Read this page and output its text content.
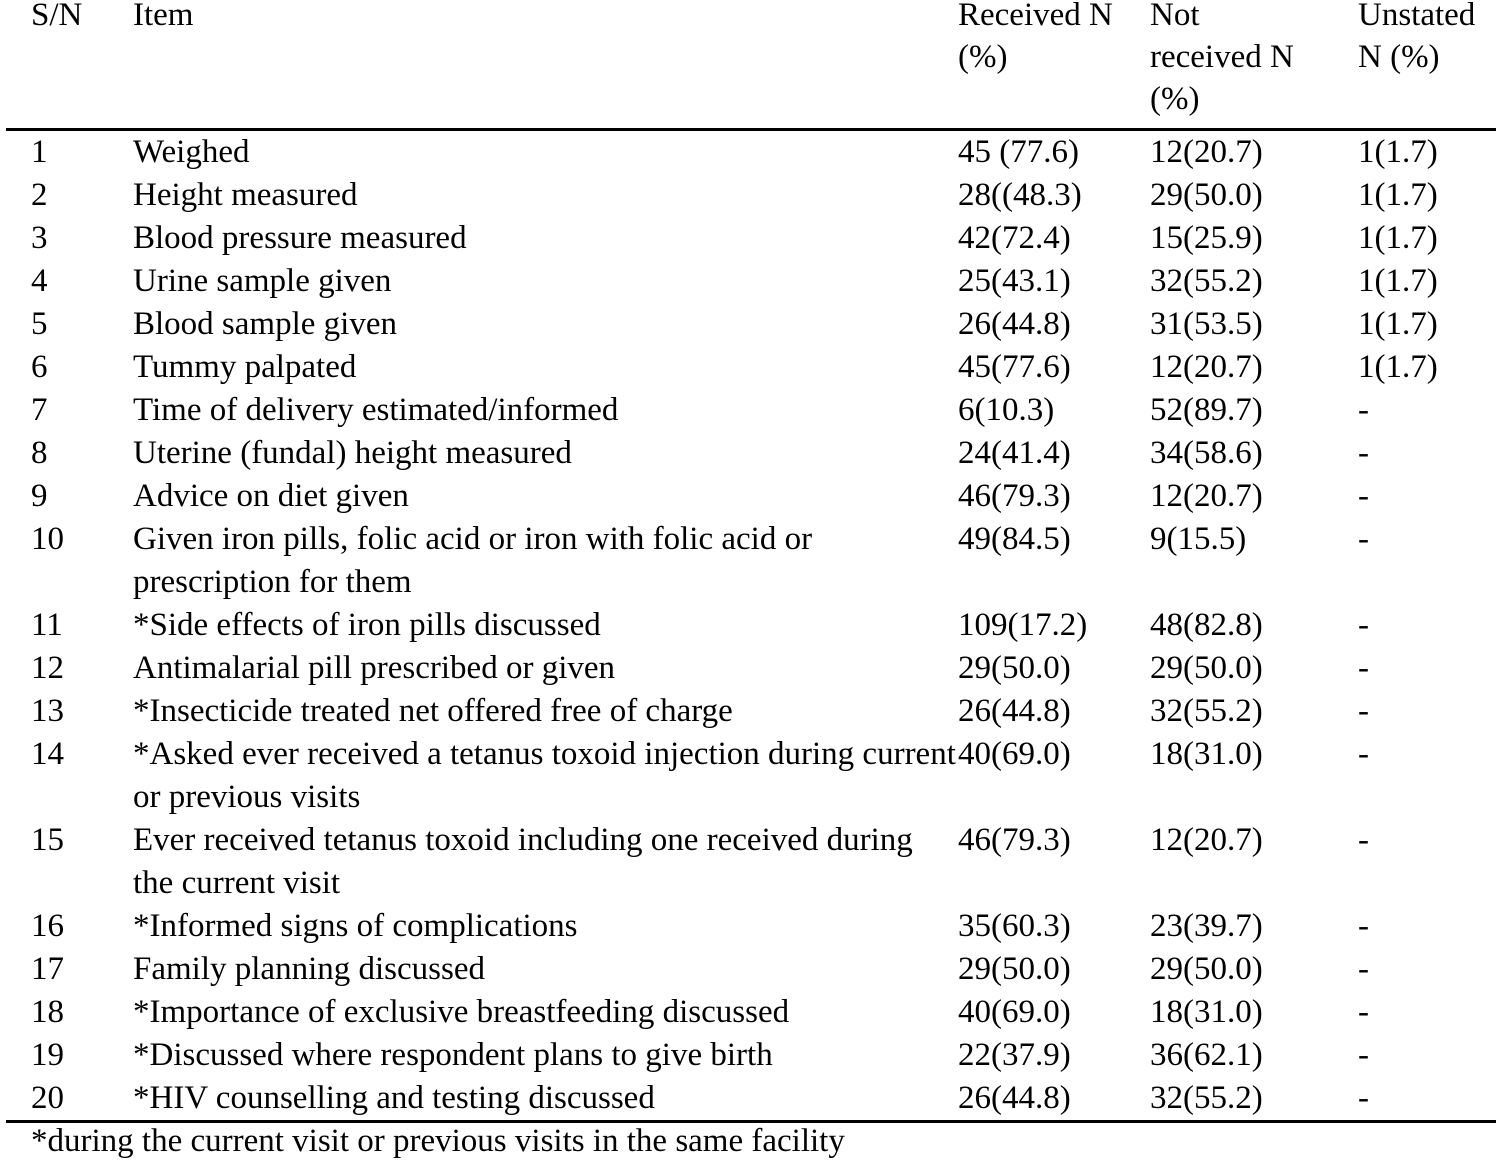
S/N	Item	Received N (%)	Not received N (%)	Unstated N (%)
1	Weighed	45 (77.6)	12(20.7)	1(1.7)
2	Height measured	28((48.3)	29(50.0)	1(1.7)
3	Blood pressure measured	42(72.4)	15(25.9)	1(1.7)
4	Urine sample given	25(43.1)	32(55.2)	1(1.7)
5	Blood sample given	26(44.8)	31(53.5)	1(1.7)
6	Tummy palpated	45(77.6)	12(20.7)	1(1.7)
7	Time of delivery estimated/informed	6(10.3)	52(89.7)	-
8	Uterine (fundal) height measured	24(41.4)	34(58.6)	-
9	Advice on diet given	46(79.3)	12(20.7)	-
10	Given iron pills, folic acid or iron with folic acid or prescription for them	49(84.5)	9(15.5)	-
11	*Side effects of iron pills discussed	109(17.2)	48(82.8)	-
12	Antimalarial pill prescribed or given	29(50.0)	29(50.0)	-
13	*Insecticide treated net offered free of charge	26(44.8)	32(55.2)	-
14	*Asked ever received a tetanus toxoid injection during current or previous visits	40(69.0)	18(31.0)	-
15	Ever received tetanus toxoid including one received during the current visit	46(79.3)	12(20.7)	-
16	*Informed signs of complications	35(60.3)	23(39.7)	-
17	Family planning discussed	29(50.0)	29(50.0)	-
18	*Importance of exclusive breastfeeding discussed	40(69.0)	18(31.0)	-
19	*Discussed where respondent plans to give birth	22(37.9)	36(62.1)	-
20	*HIV counselling and testing discussed	26(44.8)	32(55.2)	-
*during the current visit or previous visits in the same facility
